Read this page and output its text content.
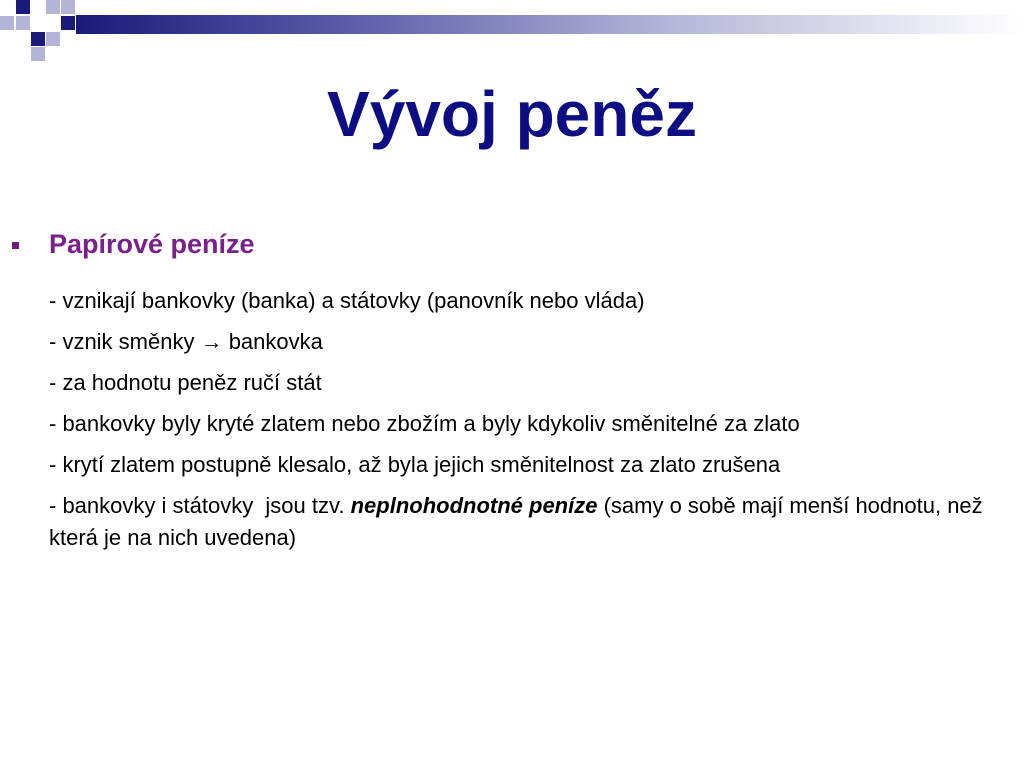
Vývoj peněz
Papírové peníze

- vznikají bankovky (banka) a státovky (panovník nebo vláda)

- vznik směnky → bankovka

- za hodnotu peněz ručí stát

- bankovky byly kryté zlatem nebo zbožím a byly kdykoliv směnitelné za zlato

- krytí zlatem postupně klesalo, až byla jejich směnitelnost za zlato zrušena

- bankovky i státovky  jsou tzv. neplnohodnotné peníze (samy o sobě mají menší hodnotu, než která je na nich uvedena)
